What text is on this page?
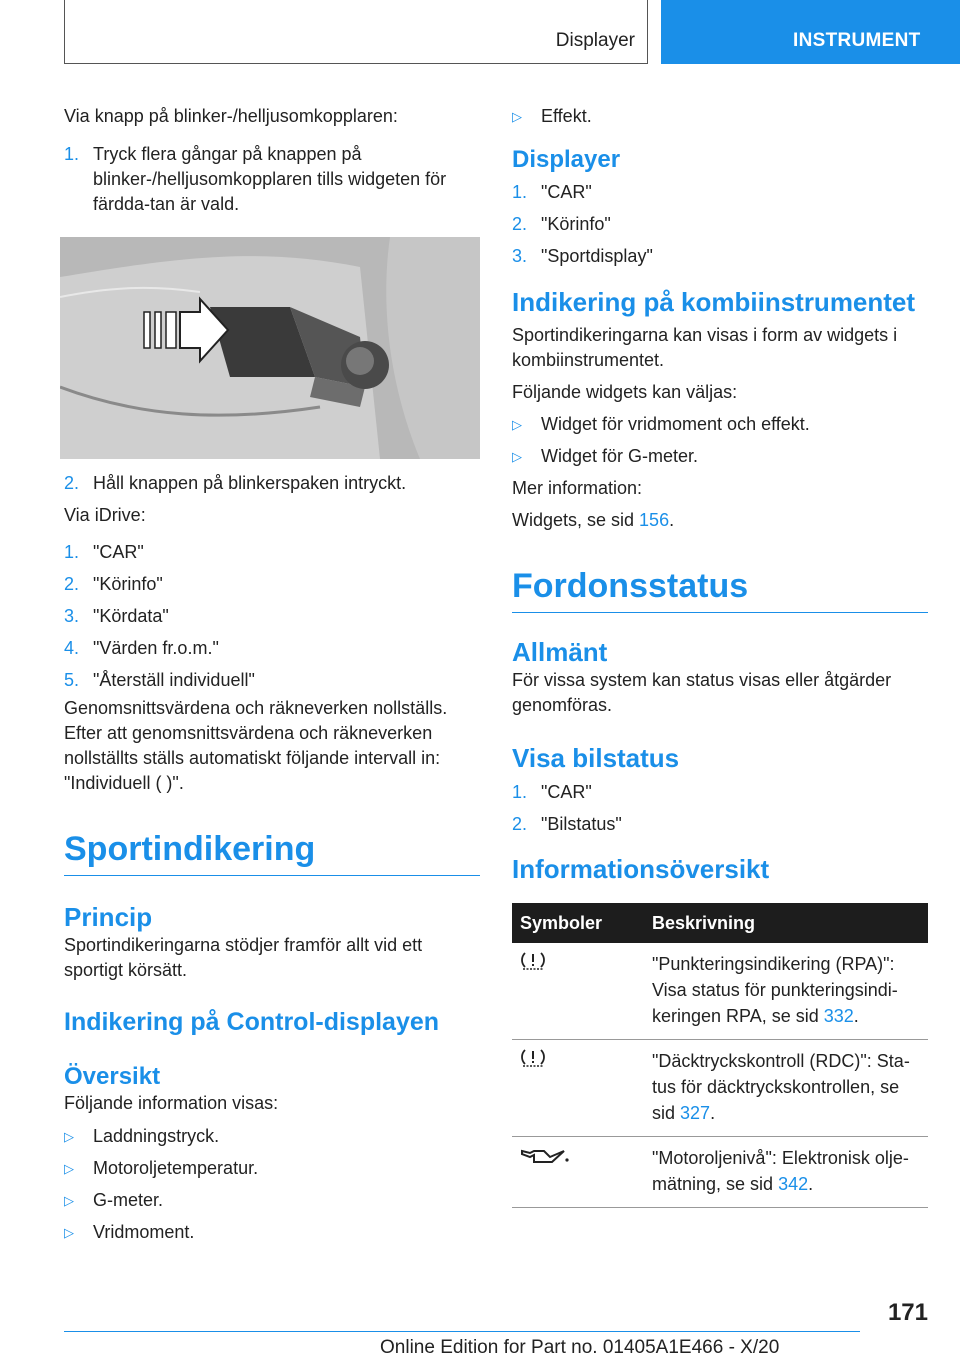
Displayer	INSTRUMENT

Via knapp på blinker-/helljusomkopplaren:

1. Tryck flera gångar på knappen på blinker-/helljusomkopplaren tills widgeten för färdda-tan är vald.
2. Håll knappen på blinkerspaken intryckt.

Via iDrive:

1. "CAR"
2. "Körinfo"
3. "Kördata"
4. "Värden fr.o.m."
5. "Återställ individuell"

Genomsnittsvärdena och räkneverken nollställs. Efter att genomsnittsvärdena och räkneverken nollställts ställs automatiskt följande intervall in: "Individuell ( )".

Sportindikering
Princip

Sportindikeringarna stödjer framför allt vid ett sportigt körsätt.

Indikering på Control-displayen
Översikt

Följande information visas:

▷	Laddningstryck.
▷	Motoroljetemperatur.
▷	G-meter.
▷	Vridmoment.
▷	Effekt.
Displayer
1. "CAR"
2. "Körinfo"
3. "Sportdisplay"
Indikering på kombiinstrumentet

Sportindikeringarna kan visas i form av widgets i kombiinstrumentet.

Följande widgets kan väljas:

▷	Widget för vridmoment och effekt.
▷	Widget för G-meter.

Mer information:

Widgets, se sid 156.

Fordonsstatus
Allmänt

För vissa system kan status visas eller åtgärder genomföras.

Visa bilstatus
1. "CAR"
2. "Bilstatus"
Informationsöversikt
Symboler	Beskrivning
	"Punkteringsindikering (RPA)": Visa status för punkteringsindi-keringen RPA, se sid 332.
	"Däcktryckskontroll (RDC)": Sta-tus för däcktryckskontrollen, se sid 327.
	"Motoroljenivå": Elektronisk olje-mätning, se sid 342.
171
Online Edition for Part no. 01405A1E466 - X/20
